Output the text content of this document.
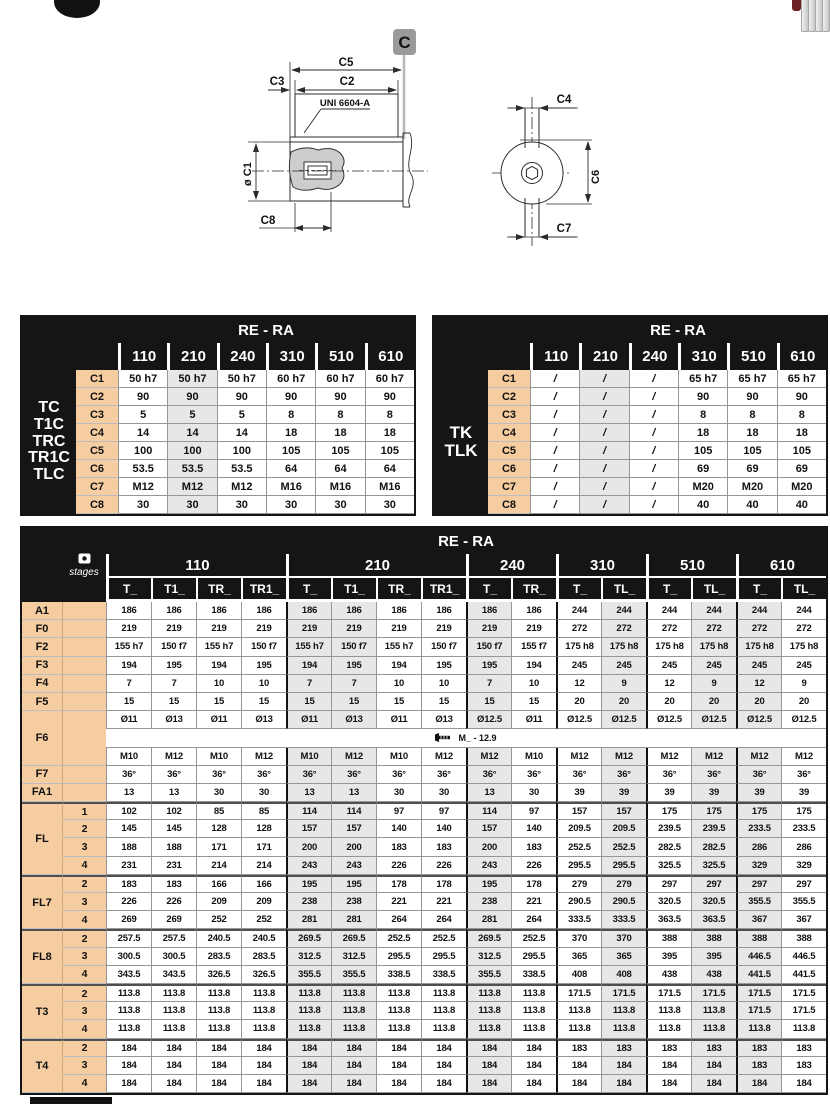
C
C5
C3	C2
UNI 6604-A
ø C1
C8
C4
C6
C7
RE - RA
110	210	240	310	510	610
TC
T1C
TRC
TR1C
TLC
C1	50 h7	50 h7	50 h7	60 h7	60 h7	60 h7
C2	90	90	90	90	90	90
C3	5	5	5	8	8	8
C4	14	14	14	18	18	18
C5	100	100	100	105	105	105
C6	53.5	53.5	53.5	64	64	64
C7	M12	M12	M12	M16	M16	M16
C8	30	30	30	30	30	30
RE - RA
110	210	240	310	510	610
TK
TLK
C1	/	/	/	65 h7	65 h7	65 h7
C2	/	/	/	90	90	90
C3	/	/	/	8	8	8
C4	/	/	/	18	18	18
C5	/	/	/	105	105	105
C6	/	/	/	69	69	69
C7	/	/	/	M20	M20	M20
C8	/	/	/	40	40	40
RE - RA
stages	110
T_	T1_	TR_	TR1_
210
T_	T1_	TR_	TR1_
240
T_	TR_
310
T_	TL_
510
T_	TL_
610
T_	TL_
A1	186	186	186	186	186	186	186	186	186	186	244	244	244	244	244	244
F0	219	219	219	219	219	219	219	219	219	219	272	272	272	272	272	272
F2	155 h7	150 f7	155 h7	150 f7	155 h7	150 f7	155 h7	150 f7	150 f7	155 f7	175 h8	175 h8	175 h8	175 h8	175 h8	175 h8
F3	194	195	194	195	194	195	194	195	195	194	245	245	245	245	245	245
F4	7	7	10	10	7	7	10	10	7	10	12	9	12	9	12	9
F5	15	15	15	15	15	15	15	15	15	15	20	20	20	20	20	20
F6
Ø11	Ø13	Ø11	Ø13	Ø11	Ø13	Ø11	Ø13	Ø12.5	Ø11	Ø12.5	Ø12.5	Ø12.5	Ø12.5	Ø12.5	Ø12.5
M_ - 12.9
M10	M12	M10	M12	M10	M12	M10	M12	M12	M10	M12	M12	M12	M12	M12	M12
F7	36°	36°	36°	36°	36°	36°	36°	36°	36°	36°	36°	36°	36°	36°	36°	36°
FA1	13	13	30	30	13	13	30	30	13	30	39	39	39	39	39	39
FL
1	102	102	85	85	114	114	97	97	114	97	157	157	175	175	175	175
2	145	145	128	128	157	157	140	140	157	140	209.5	209.5	239.5	239.5	233.5	233.5
3	188	188	171	171	200	200	183	183	200	183	252.5	252.5	282.5	282.5	286	286
4	231	231	214	214	243	243	226	226	243	226	295.5	295.5	325.5	325.5	329	329
FL7
2	183	183	166	166	195	195	178	178	195	178	279	279	297	297	297	297
3	226	226	209	209	238	238	221	221	238	221	290.5	290.5	320.5	320.5	355.5	355.5
4	269	269	252	252	281	281	264	264	281	264	333.5	333.5	363.5	363.5	367	367
FL8
2	257.5	257.5	240.5	240.5	269.5	269.5	252.5	252.5	269.5	252.5	370	370	388	388	388	388
3	300.5	300.5	283.5	283.5	312.5	312.5	295.5	295.5	312.5	295.5	365	365	395	395	446.5	446.5
4	343.5	343.5	326.5	326.5	355.5	355.5	338.5	338.5	355.5	338.5	408	408	438	438	441.5	441.5
T3
2	113.8	113.8	113.8	113.8	113.8	113.8	113.8	113.8	113.8	113.8	171.5	171.5	171.5	171.5	171.5	171.5
3	113.8	113.8	113.8	113.8	113.8	113.8	113.8	113.8	113.8	113.8	113.8	113.8	113.8	113.8	171.5	171.5
4	113.8	113.8	113.8	113.8	113.8	113.8	113.8	113.8	113.8	113.8	113.8	113.8	113.8	113.8	113.8	113.8
T4
2	184	184	184	184	184	184	184	184	184	184	183	183	183	183	183	183
3	184	184	184	184	184	184	184	184	184	184	184	184	184	184	183	183
4	184	184	184	184	184	184	184	184	184	184	184	184	184	184	184	184
